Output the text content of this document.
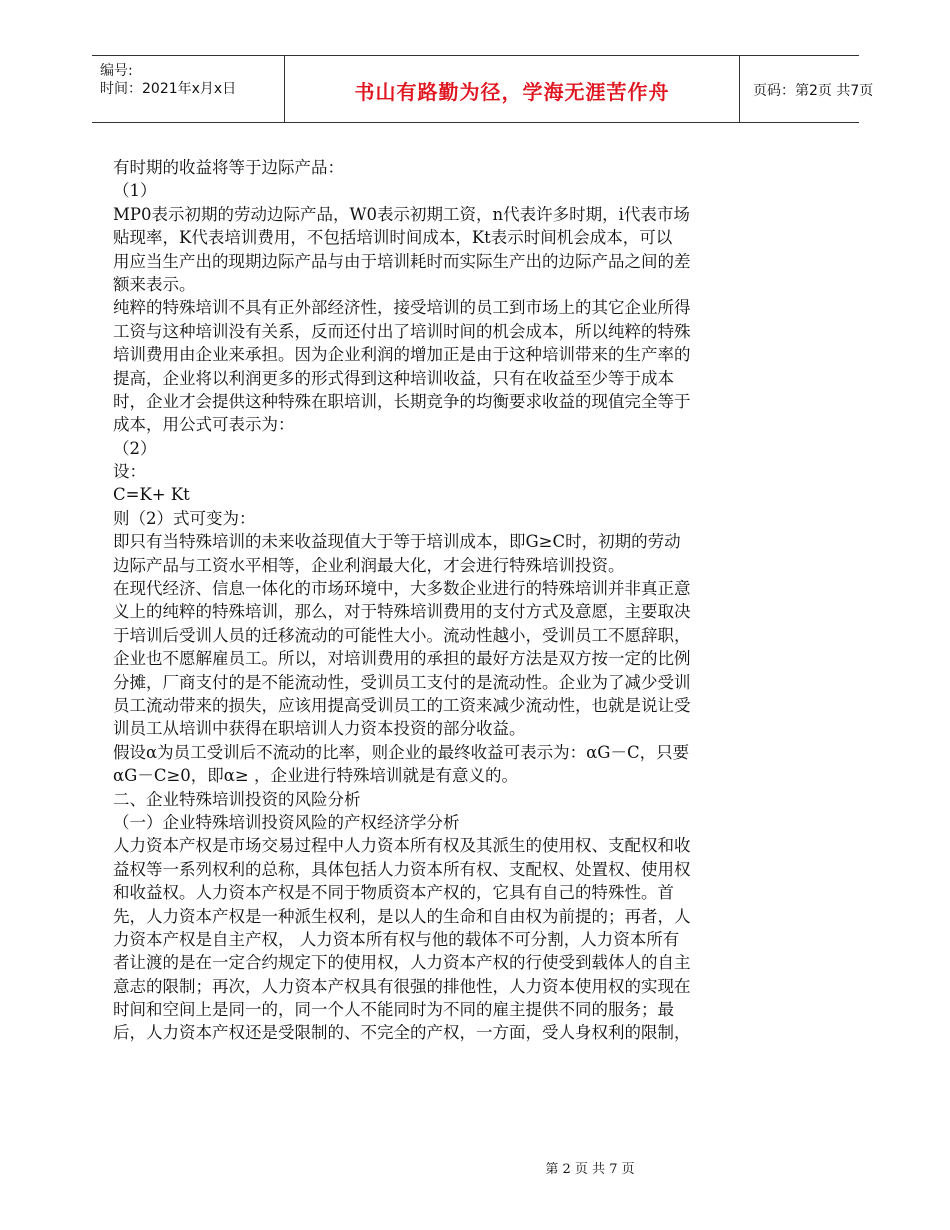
编号:
时间：2021年x月x日	书山有路勤为径，学海无涯苦作舟	页码：第2页 共7页
有时期的收益将等于边际产品：
（1）
MP0表示初期的劳动边际产品，W0表示初期工资，n代表许多时期，i代表市场
贴现率，K代表培训费用，不包括培训时间成本，Kt表示时间机会成本，可以
用应当生产出的现期边际产品与由于培训耗时而实际生产出的边际产品之间的差
额来表示。
纯粹的特殊培训不具有正外部经济性，接受培训的员工到市场上的其它企业所得
工资与这种培训没有关系，反而还付出了培训时间的机会成本，所以纯粹的特殊
培训费用由企业来承担。因为企业利润的增加正是由于这种培训带来的生产率的
提高，企业将以利润更多的形式得到这种培训收益，只有在收益至少等于成本
时，企业才会提供这种特殊在职培训，长期竞争的均衡要求收益的现值完全等于
成本，用公式可表示为：
（2）
设：
C=K+ Kt
则（2）式可变为：
即只有当特殊培训的未来收益现值大于等于培训成本，即G≥C时，初期的劳动
边际产品与工资水平相等，企业利润最大化，才会进行特殊培训投资。
在现代经济、信息一体化的市场环境中，大多数企业进行的特殊培训并非真正意
义上的纯粹的特殊培训，那么，对于特殊培训费用的支付方式及意愿，主要取决
于培训后受训人员的迁移流动的可能性大小。流动性越小，受训员工不愿辞职，
企业也不愿解雇员工。所以，对培训费用的承担的最好方法是双方按一定的比例
分摊，厂商支付的是不能流动性，受训员工支付的是流动性。企业为了减少受训
员工流动带来的损失，应该用提高受训员工的工资来减少流动性，也就是说让受
训员工从培训中获得在职培训人力资本投资的部分收益。
假设α为员工受训后不流动的比率，则企业的最终收益可表示为：αG－C，只要
αG－C≥0，即α≥ ，企业进行特殊培训就是有意义的。
二、企业特殊培训投资的风险分析
（一）企业特殊培训投资风险的产权经济学分析
人力资本产权是市场交易过程中人力资本所有权及其派生的使用权、支配权和收
益权等一系列权利的总称，具体包括人力资本所有权、支配权、处置权、使用权
和收益权。人力资本产权是不同于物质资本产权的，它具有自己的特殊性。首
先，人力资本产权是一种派生权利，是以人的生命和自由权为前提的；再者，人
力资本产权是自主产权， 人力资本所有权与他的载体不可分割，人力资本所有
者让渡的是在一定合约规定下的使用权，人力资本产权的行使受到载体人的自主
意志的限制；再次，人力资本产权具有很强的排他性，人力资本使用权的实现在
时间和空间上是同一的，同一个人不能同时为不同的雇主提供不同的服务；最
后，人力资本产权还是受限制的、不完全的产权，一方面，受人身权利的限制，
第 2 页 共 7 页
